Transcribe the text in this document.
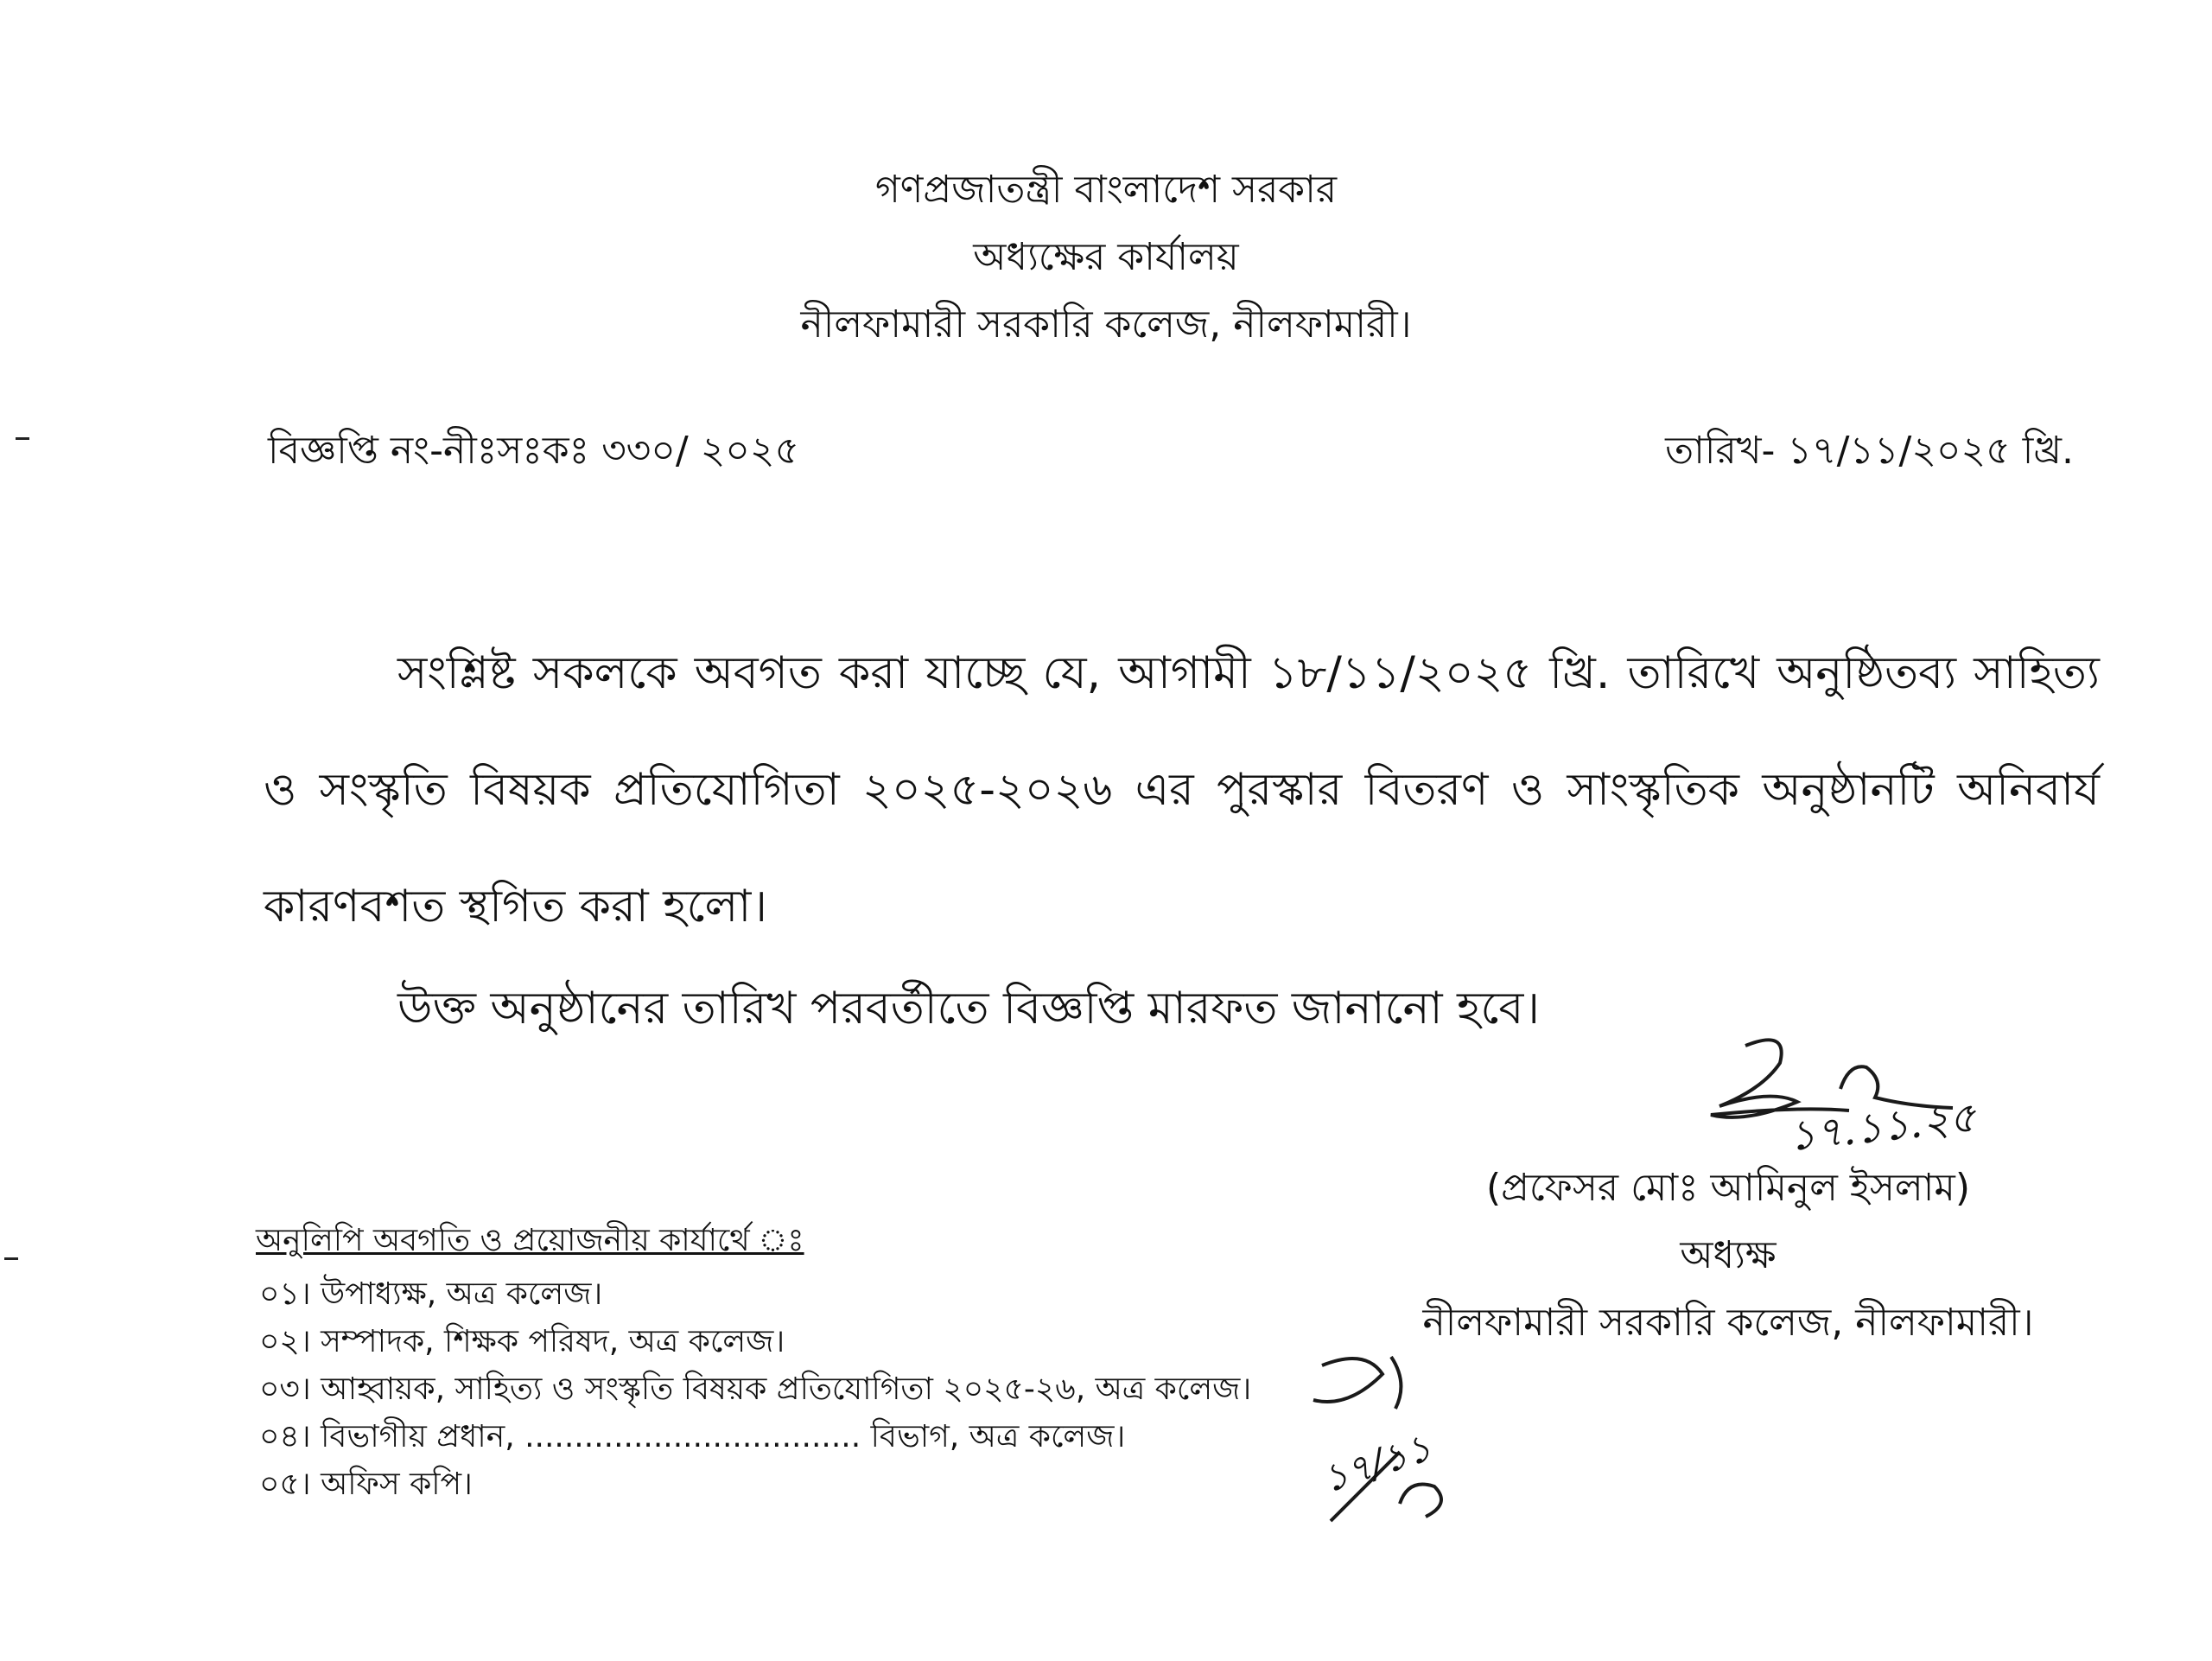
গণপ্রজাতন্ত্রী বাংলাদেশ সরকার
অধ্যক্ষের কার্যালয়
নীলফামারী সরকারি কলেজ, নীলফামারী।
বিজ্ঞপ্তি নং-নীঃসঃকঃ ৩৩০/ ২০২৫	তারিখ- ১৭/১১/২০২৫ খ্রি.
সংশ্লিষ্ট সকলকে অবগত করা যাচ্ছে যে, আগামী ১৮/১১/২০২৫ খ্রি. তারিখে অনুষ্ঠিতব্য সাহিত্য ও সংস্কৃতি বিষয়ক প্রতিযোগিতা ২০২৫-২০২৬ এর পুরস্কার বিতরণ ও সাংস্কৃতিক অনুষ্ঠানটি অনিবার্য কারণবশত স্থগিত করা হলো।
উক্ত অনুষ্ঠানের তারিখ পরবর্তীতে বিজ্ঞপ্তি মারফত জানানো হবে।
১৭.১১.২৫
(প্রফেসর মোঃ আমিনুল ইসলাম)
অধ্যক্ষ
নীলফামারী সরকারি কলেজ, নীলফামারী।
অনুলিপি অবগতি ও প্রয়োজনীয় কার্যার্থে ঃ
০১। উপাধ্যক্ষ, অত্র কলেজ।
০২। সম্পাদক, শিক্ষক পরিষদ, অত্র কলেজ।
০৩। আহ্বায়ক, সাহিত্য ও সংস্কৃতি বিষয়ক প্রতিযোগিতা ২০২৫-২৬, অত্র কলেজ।
০৪। বিভাগীয় প্রধান, .................................. বিভাগ, অত্র কলেজ।
০৫। অফিস কপি।	১৭/১১
